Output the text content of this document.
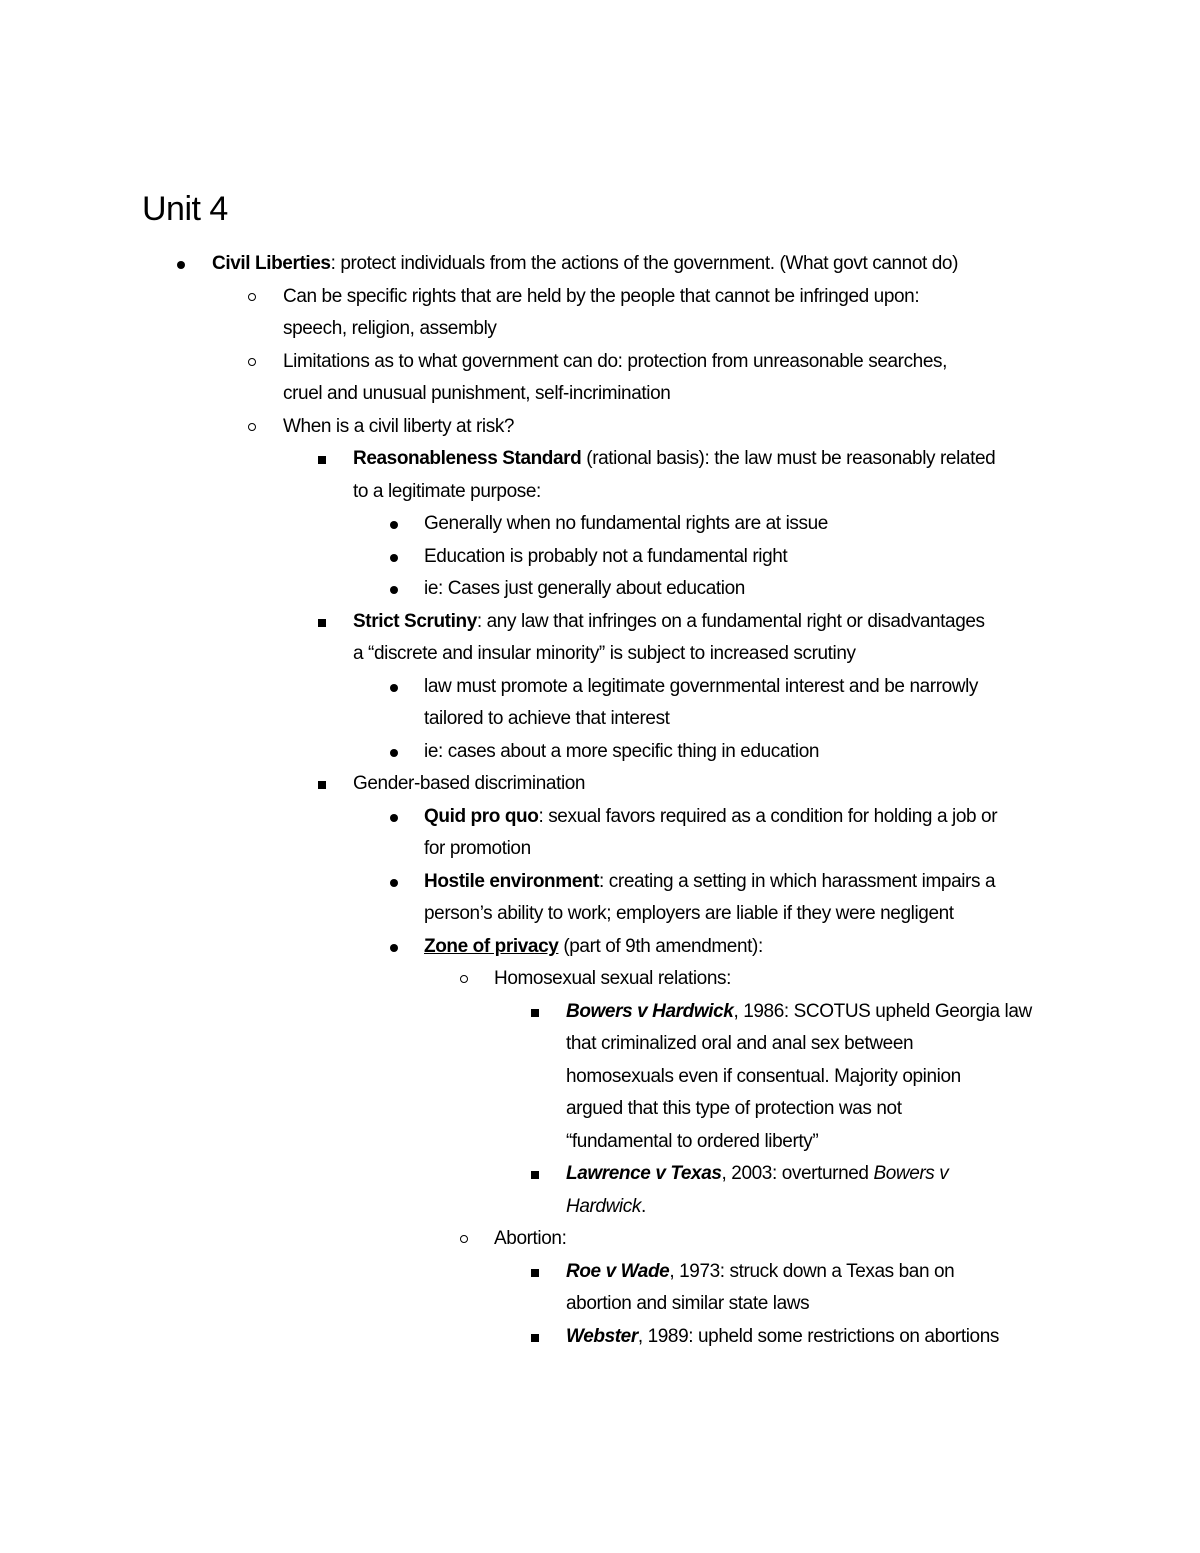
Unit 4
Civil Liberties: protect individuals from the actions of the government. (What govt cannot do)
Can be specific rights that are held by the people that cannot be infringed upon:
speech, religion, assembly
Limitations as to what government can do: protection from unreasonable searches,
cruel and unusual punishment, self-incrimination
When is a civil liberty at risk?
Reasonableness Standard (rational basis): the law must be reasonably related
to a legitimate purpose:
Generally when no fundamental rights are at issue
Education is probably not a fundamental right
ie: Cases just generally about education
Strict Scrutiny: any law that infringes on a fundamental right or disadvantages
a “discrete and insular minority” is subject to increased scrutiny
law must promote a legitimate governmental interest and be narrowly
tailored to achieve that interest
ie: cases about a more specific thing in education
Gender-based discrimination
Quid pro quo: sexual favors required as a condition for holding a job or
for promotion
Hostile environment: creating a setting in which harassment impairs a
person’s ability to work; employers are liable if they were negligent
Zone of privacy (part of 9th amendment):
Homosexual sexual relations:
Bowers v Hardwick, 1986: SCOTUS upheld Georgia law
that criminalized oral and anal sex between
homosexuals even if consentual. Majority opinion
argued that this type of protection was not
“fundamental to ordered liberty”
Lawrence v Texas, 2003: overturned Bowers v
Hardwick.
Abortion:
Roe v Wade, 1973: struck down a Texas ban on
abortion and similar state laws
Webster, 1989: upheld some restrictions on abortions
